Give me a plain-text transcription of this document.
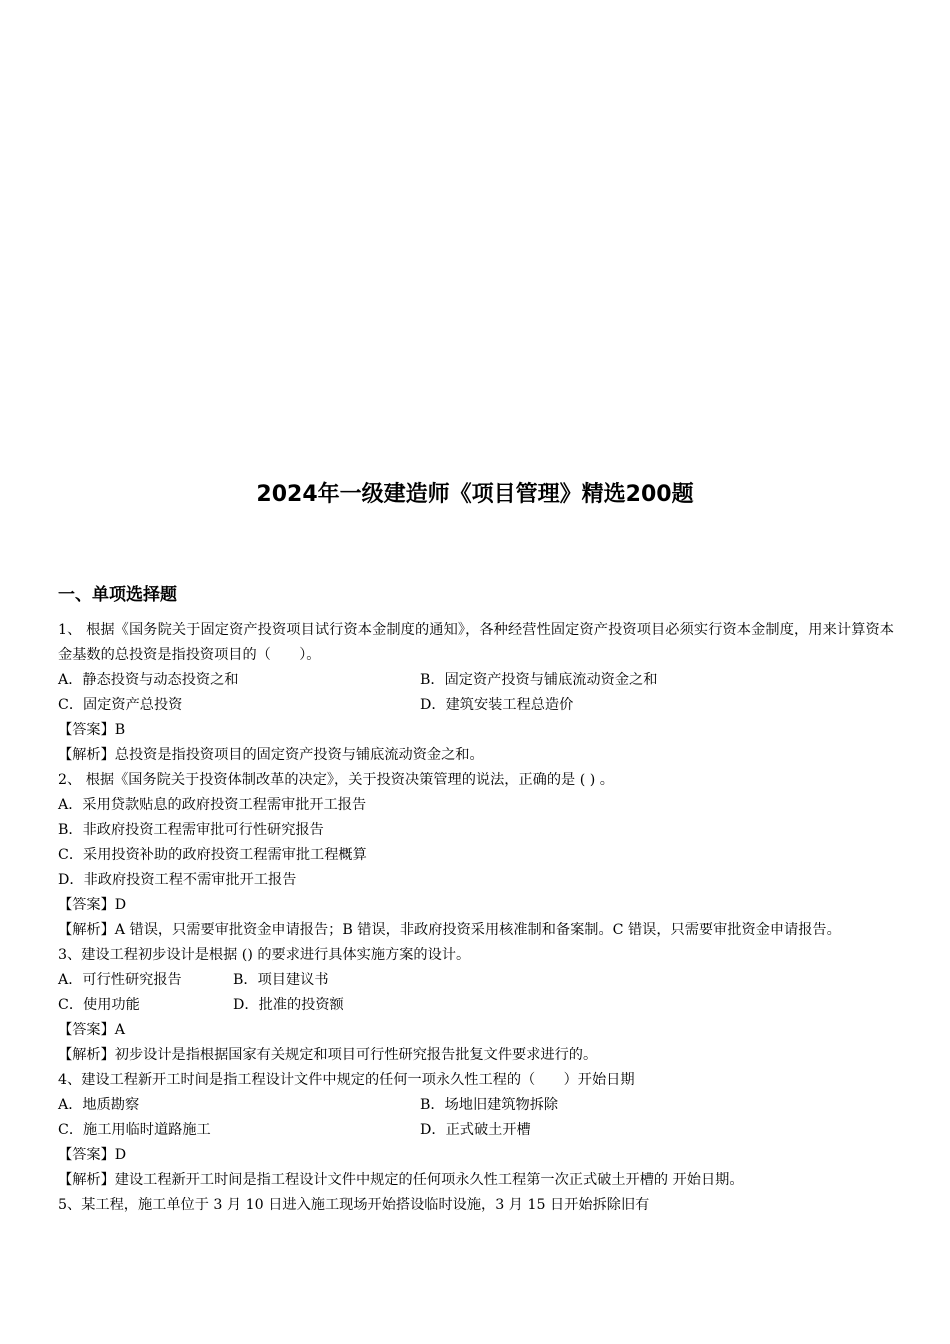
2024年一级建造师《项目管理》精选200题
一、单项选择题
1、 根据《国务院关于固定资产投资项目试行资本金制度的通知》，各种经营性固定资产投资项目必须实行资本金制度，用来计算资本金基数的总投资是指投资项目的（　　）。
A．静态投资与动态投资之和	B．固定资产投资与铺底流动资金之和
C．固定资产总投资	D．建筑安装工程总造价
【答案】B
【解析】总投资是指投资项目的固定资产投资与铺底流动资金之和。
2、 根据《国务院关于投资体制改革的决定》，关于投资决策管理的说法，正确的是 ( ) 。
A．采用贷款贴息的政府投资工程需审批开工报告
B．非政府投资工程需审批可行性研究报告
C．采用投资补助的政府投资工程需审批工程概算
D．非政府投资工程不需审批开工报告
【答案】D
【解析】A 错误，只需要审批资金申请报告；B 错误，非政府投资采用核准制和备案制。C 错误，只需要审批资金申请报告。
3、建设工程初步设计是根据 () 的要求进行具体实施方案的设计。
A．可行性研究报告	B．项目建议书
C．使用功能	D．批准的投资额
【答案】A
【解析】初步设计是指根据国家有关规定和项目可行性研究报告批复文件要求进行的。
4、建设工程新开工时间是指工程设计文件中规定的任何一项永久性工程的（　　）开始日期
A．地质勘察	B．场地旧建筑物拆除
C．施工用临时道路施工	D．正式破土开槽
【答案】D
【解析】建设工程新开工时间是指工程设计文件中规定的任何项永久性工程第一次正式破土开槽的 开始日期。
5、某工程，施工单位于 3 月 10 日进入施工现场开始搭设临时设施，3 月 15 日开始拆除旧有
